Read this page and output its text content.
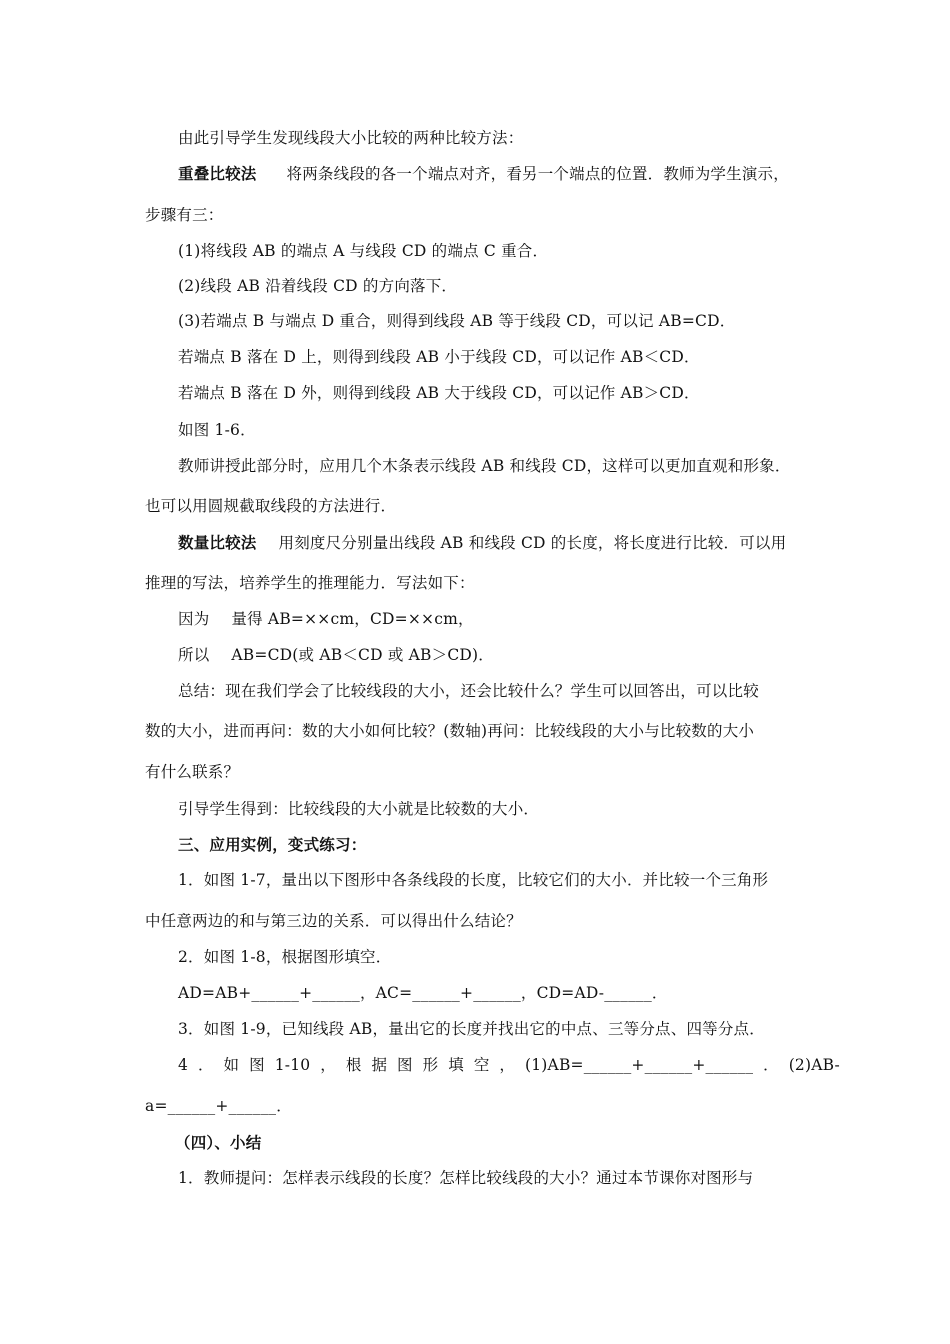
由此引导学生发现线段大小比较的两种比较方法：
重叠比较法 将两条线段的各一个端点对齐，看另一个端点的位置．教师为学生演示，
步骤有三：
(1)将线段 AB 的端点 A 与线段 CD 的端点 C 重合．
(2)线段 AB 沿着线段 CD 的方向落下．
(3)若端点 B 与端点 D 重合，则得到线段 AB 等于线段 CD，可以记 AB=CD．
若端点 B 落在 D 上，则得到线段 AB 小于线段 CD，可以记作 AB＜CD．
若端点 B 落在 D 外，则得到线段 AB 大于线段 CD，可以记作 AB＞CD．
如图 1-6．
教师讲授此部分时，应用几个木条表示线段 AB 和线段 CD，这样可以更加直观和形象．
也可以用圆规截取线段的方法进行．
数量比较法 用刻度尺分别量出线段 AB 和线段 CD 的长度，将长度进行比较．可以用
推理的写法，培养学生的推理能力．写法如下：
因为 量得 AB=××cm，CD=××cm，
所以 AB=CD(或 AB＜CD 或 AB＞CD)．
总结：现在我们学会了比较线段的大小，还会比较什么？学生可以回答出，可以比较
数的大小，进而再问：数的大小如何比较？(数轴)再问：比较线段的大小与比较数的大小
有什么联系？
引导学生得到：比较线段的大小就是比较数的大小．
三、应用实例，变式练习：
1．如图 1-7，量出以下图形中各条线段的长度，比较它们的大小．并比较一个三角形
中任意两边的和与第三边的关系．可以得出什么结论？
2．如图 1-8，根据图形填空．
AD=AB+______+______，AC=______+______，CD=AD-______．
3．如图 1-9，已知线段 AB，量出它的长度并找出它的中点、三等分点、四等分点．
4 ． 如 图 1-10 ， 根 据 图 形 填 空 ， (1)AB=______+______+______ ． (2)AB-
a=______+______．
（四）、小结
1．教师提问：怎样表示线段的长度？怎样比较线段的大小？通过本节课你对图形与
